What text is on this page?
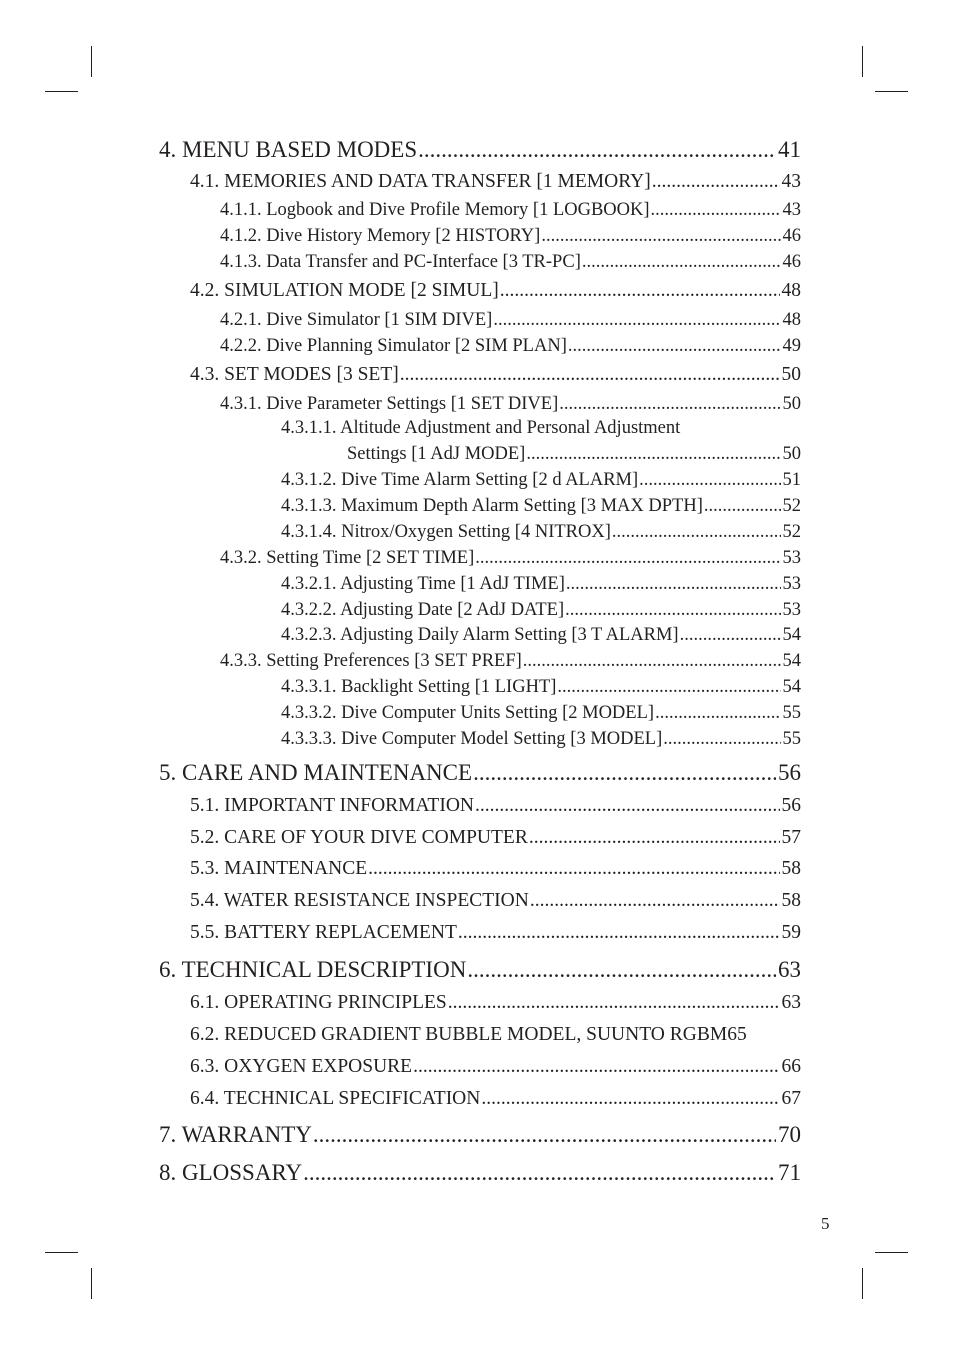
4. MENU BASED MODES .....	41
4.1. MEMORIES AND DATA TRANSFER [1 MEMORY] .....	43
4.1.1. Logbook and Dive Profile Memory [1 LOGBOOK] .....	43
4.1.2. Dive History Memory [2 HISTORY] .....	46
4.1.3. Data Transfer and PC-Interface [3 TR-PC] .....	46
4.2. SIMULATION MODE [2 SIMUL] .....	48
4.2.1. Dive Simulator [1 SIM DIVE] .....	48
4.2.2. Dive Planning Simulator [2 SIM PLAN] .....	49
4.3. SET MODES [3 SET] .....	50
4.3.1. Dive Parameter Settings [1 SET DIVE] .....	50
4.3.1.1. Altitude Adjustment and Personal Adjustment
Settings [1 AdJ MODE] .....	50
4.3.1.2. Dive Time Alarm Setting [2 d ALARM] .....	51
4.3.1.3. Maximum Depth Alarm Setting [3 MAX DPTH] .....	52
4.3.1.4. Nitrox/Oxygen Setting [4 NITROX] .....	52
4.3.2. Setting Time [2 SET TIME] .....	53
4.3.2.1. Adjusting Time [1 AdJ TIME] .....	53
4.3.2.2. Adjusting Date [2 AdJ DATE] .....	53
4.3.2.3. Adjusting Daily Alarm Setting [3 T ALARM] .....	54
4.3.3. Setting Preferences [3 SET PREF] .....	54
4.3.3.1. Backlight Setting [1 LIGHT] .....	54
4.3.3.2. Dive Computer Units Setting [2 MODEL] .....	55
4.3.3.3. Dive Computer Model Setting [3 MODEL] .....	55
5. CARE AND MAINTENANCE .....	56
5.1. IMPORTANT INFORMATION .....	56
5.2. CARE OF YOUR DIVE COMPUTER .....	57
5.3. MAINTENANCE .....	58
5.4. WATER RESISTANCE INSPECTION .....	58
5.5. BATTERY REPLACEMENT .....	59
6. TECHNICAL DESCRIPTION .....	63
6.1. OPERATING PRINCIPLES .....	63
6.2. REDUCED GRADIENT BUBBLE MODEL, SUUNTO RGBM 65
6.3. OXYGEN EXPOSURE .....	66
6.4. TECHNICAL SPECIFICATION .....	67
7. WARRANTY .....	70
8. GLOSSARY .....	71
5
